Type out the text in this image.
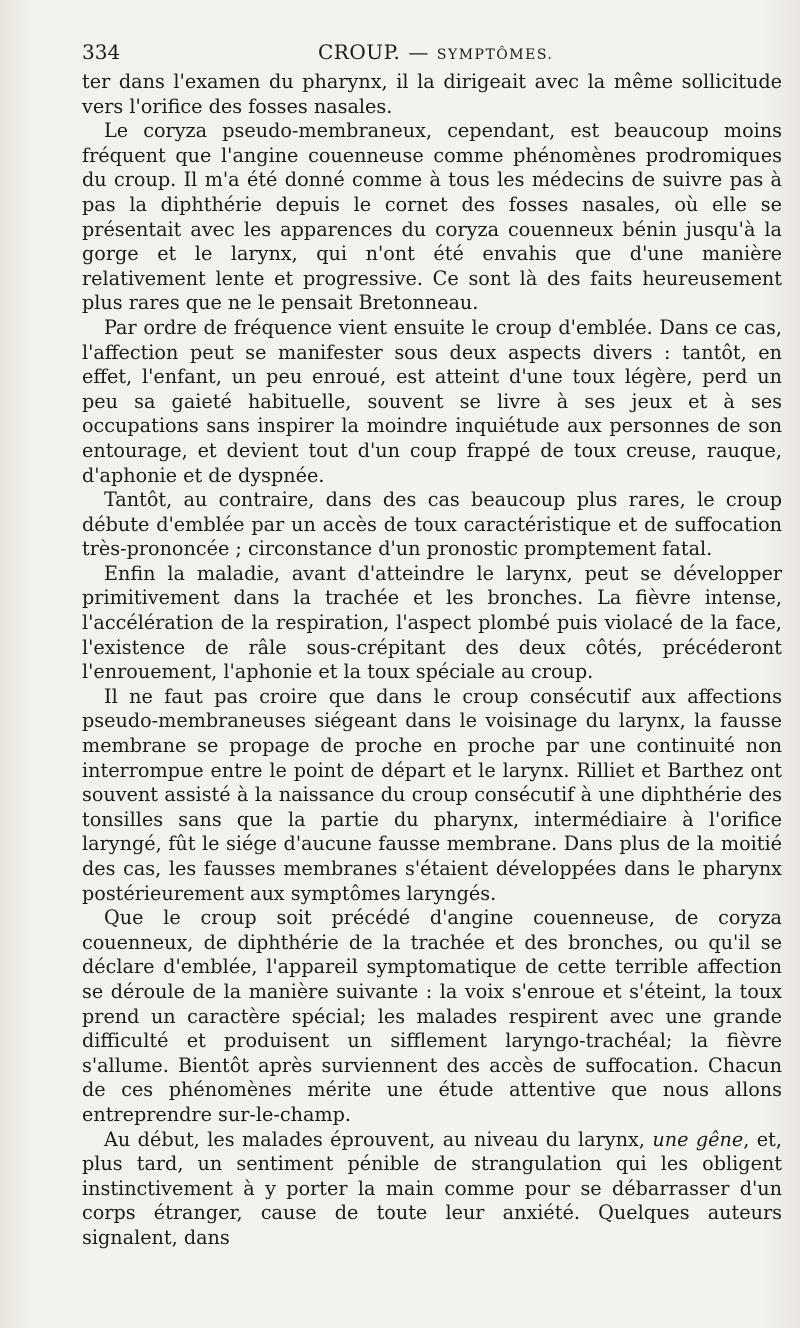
334	CROUP. — SYMPTÔMES.

ter dans l'examen du pharynx, il la dirigeait avec la même sollicitude vers l'orifice des fosses nasales.

Le coryza pseudo-membraneux, cependant, est beaucoup moins fréquent que l'angine couenneuse comme phénomènes prodromiques du croup. Il m'a été donné comme à tous les médecins de suivre pas à pas la diphthérie depuis le cornet des fosses nasales, où elle se présentait avec les apparences du coryza couenneux bénin jusqu'à la gorge et le larynx, qui n'ont été envahis que d'une manière relativement lente et progressive. Ce sont là des faits heureusement plus rares que ne le pensait Bretonneau.

Par ordre de fréquence vient ensuite le croup d'emblée. Dans ce cas, l'affection peut se manifester sous deux aspects divers : tantôt, en effet, l'enfant, un peu enroué, est atteint d'une toux légère, perd un peu sa gaieté habituelle, souvent se livre à ses jeux et à ses occupations sans inspirer la moindre inquiétude aux personnes de son entourage, et devient tout d'un coup frappé de toux creuse, rauque, d'aphonie et de dyspnée.

Tantôt, au contraire, dans des cas beaucoup plus rares, le croup débute d'emblée par un accès de toux caractéristique et de suffocation très-prononcée ; circonstance d'un pronostic promptement fatal.

Enfin la maladie, avant d'atteindre le larynx, peut se développer primitivement dans la trachée et les bronches. La fièvre intense, l'accélération de la respiration, l'aspect plombé puis violacé de la face, l'existence de râle sous-crépitant des deux côtés, précéderont l'enrouement, l'aphonie et la toux spéciale au croup.

Il ne faut pas croire que dans le croup consécutif aux affections pseudo-membraneuses siégeant dans le voisinage du larynx, la fausse membrane se propage de proche en proche par une continuité non interrompue entre le point de départ et le larynx. Rilliet et Barthez ont souvent assisté à la naissance du croup consécutif à une diphthérie des tonsilles sans que la partie du pharynx, intermédiaire à l'orifice laryngé, fût le siége d'aucune fausse membrane. Dans plus de la moitié des cas, les fausses membranes s'étaient développées dans le pharynx postérieurement aux symptômes laryngés.

Que le croup soit précédé d'angine couenneuse, de coryza couenneux, de diphthérie de la trachée et des bronches, ou qu'il se déclare d'emblée, l'appareil symptomatique de cette terrible affection se déroule de la manière suivante : la voix s'enroue et s'éteint, la toux prend un caractère spécial; les malades respirent avec une grande difficulté et produisent un sifflement laryngo-trachéal; la fièvre s'allume. Bientôt après surviennent des accès de suffocation. Chacun de ces phénomènes mérite une étude attentive que nous allons entreprendre sur-le-champ.

Au début, les malades éprouvent, au niveau du larynx, une gêne, et, plus tard, un sentiment pénible de strangulation qui les obligent instinctivement à y porter la main comme pour se débarrasser d'un corps étranger, cause de toute leur anxiété. Quelques auteurs signalent, dans
